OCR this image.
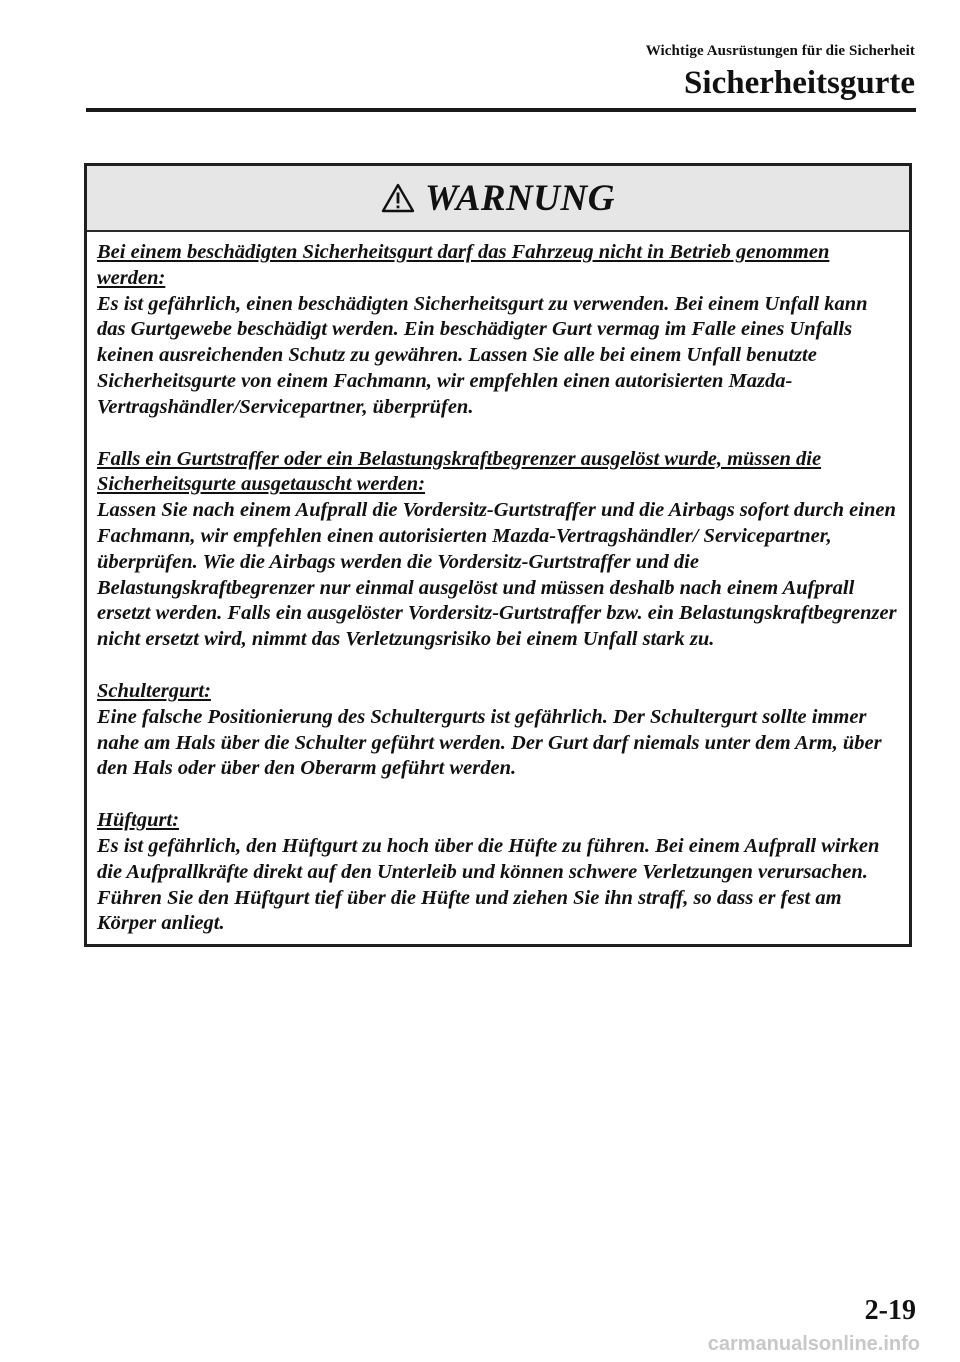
Wichtige Ausrüstungen für die Sicherheit
Sicherheitsgurte
WARNUNG
Bei einem beschädigten Sicherheitsgurt darf das Fahrzeug nicht in Betrieb genommen werden:
Es ist gefährlich, einen beschädigten Sicherheitsgurt zu verwenden. Bei einem Unfall kann das Gurtgewebe beschädigt werden. Ein beschädigter Gurt vermag im Falle eines Unfalls keinen ausreichenden Schutz zu gewähren. Lassen Sie alle bei einem Unfall benutzte Sicherheitsgurte von einem Fachmann, wir empfehlen einen autorisierten Mazda-Vertragshändler/Servicepartner, überprüfen.
Falls ein Gurtstraffer oder ein Belastungskraftbegrenzer ausgelöst wurde, müssen die Sicherheitsgurte ausgetauscht werden:
Lassen Sie nach einem Aufprall die Vordersitz-Gurtstraffer und die Airbags sofort durch einen Fachmann, wir empfehlen einen autorisierten Mazda-Vertragshändler/ Servicepartner, überprüfen. Wie die Airbags werden die Vordersitz-Gurtstraffer und die Belastungskraftbegrenzer nur einmal ausgelöst und müssen deshalb nach einem Aufprall ersetzt werden. Falls ein ausgelöster Vordersitz-Gurtstraffer bzw. ein Belastungskraftbegrenzer nicht ersetzt wird, nimmt das Verletzungsrisiko bei einem Unfall stark zu.
Schultergurt:
Eine falsche Positionierung des Schultergurts ist gefährlich. Der Schultergurt sollte immer nahe am Hals über die Schulter geführt werden. Der Gurt darf niemals unter dem Arm, über den Hals oder über den Oberarm geführt werden.
Hüftgurt:
Es ist gefährlich, den Hüftgurt zu hoch über die Hüfte zu führen. Bei einem Aufprall wirken die Aufprallkräfte direkt auf den Unterleib und können schwere Verletzungen verursachen. Führen Sie den Hüftgurt tief über die Hüfte und ziehen Sie ihn straff, so dass er fest am Körper anliegt.
2-19
carmanualsonline.info
